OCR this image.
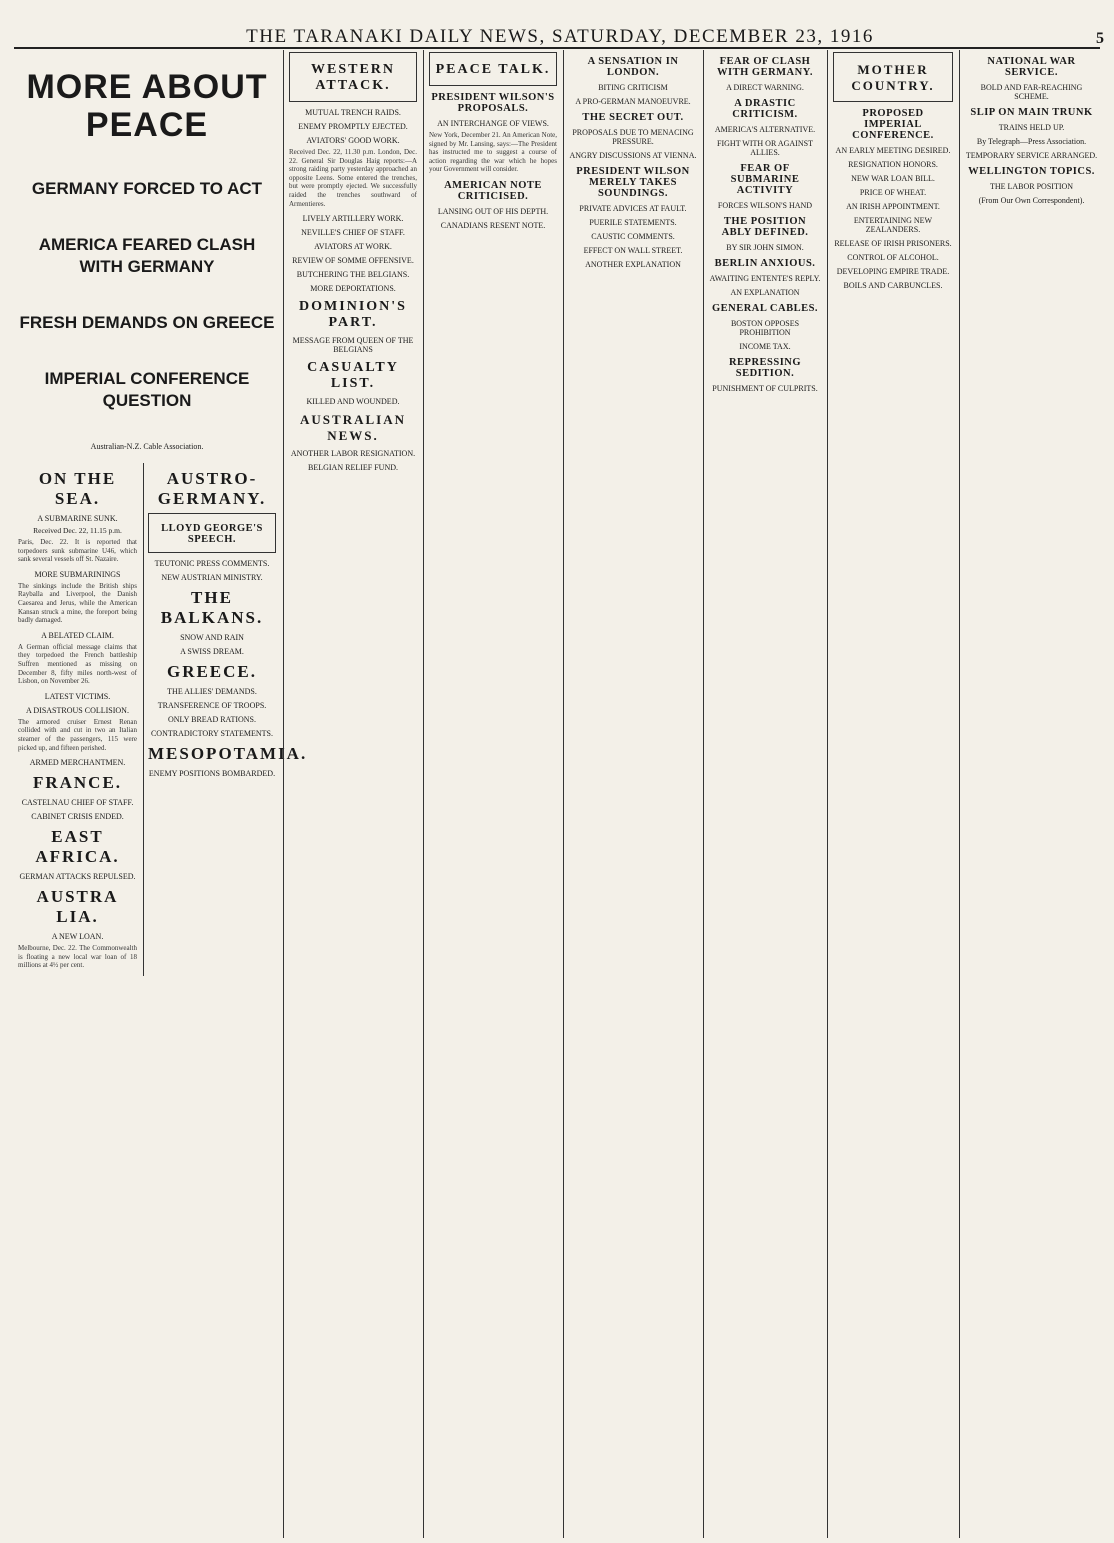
THE TARANAKI DAILY NEWS, SATURDAY, DECEMBER 23, 1916	5
MORE ABOUT PEACE
GERMANY FORCED TO ACT
AMERICA FEARED CLASH WITH GERMANY
FRESH DEMANDS ON GREECE
IMPERIAL CONFERENCE QUESTION
Australian-N.Z. Cable Association.
ON THE SEA.
A SUBMARINE SUNK.
Received Dec. 22, 11.15 p.m.
Paris, Dec. 22. It is reported that torpedoers sunk submarine U46, which sank several vessels off St. Nazaire.
MORE SUBMARININGS
The sinkings include the British ships Rayballa and Liverpool, the Danish Caesarea and Jerus, while the American Kansan struck a mine, the foreport being badly damaged.
A BELATED CLAIM.
A German official message claims that they torpedoed the French battleship Suffren mentioned as missing on December 8, fifty miles north-west of Lisbon, on November 26.
LATEST VICTIMS.
A DISASTROUS COLLISION.
The armored cruiser Ernest Renan collided with and cut in two an Italian steamer of the passengers, 115 were picked up, and fifteen perished.
ARMED MERCHANTMEN.
FRANCE.
CASTELNAU CHIEF OF STAFF.
CABINET CRISIS ENDED.
EAST AFRICA.
GERMAN ATTACKS REPULSED.
AUSTRA LIA.
A NEW LOAN.
Melbourne, Dec. 22. The Commonwealth is floating a new local war loan of 18 millions at 4½ per cent.
AUSTRO-GERMANY.
LLOYD GEORGE'S SPEECH.
TEUTONIC PRESS COMMENTS.
NEW AUSTRIAN MINISTRY.
THE BALKANS.
SNOW AND RAIN
A SWISS DREAM.
GREECE.
THE ALLIES' DEMANDS.
TRANSFERENCE OF TROOPS.
ONLY BREAD RATIONS.
CONTRADICTORY STATEMENTS.
MESOPOTAMIA.
ENEMY POSITIONS BOMBARDED.
WESTERN ATTACK.
MUTUAL TRENCH RAIDS.
ENEMY PROMPTLY EJECTED.
AVIATORS' GOOD WORK.
Received Dec. 22, 11.30 p.m. London, Dec. 22. General Sir Douglas Haig reports:—A strong raiding party yesterday approached an opposite Leens. Some entered the trenches, but were promptly ejected. We successfully raided the trenches southward of Armentieres.
LIVELY ARTILLERY WORK.
NEVILLE'S CHIEF OF STAFF.
AVIATORS AT WORK.
REVIEW OF SOMME OFFENSIVE.
BUTCHERING THE BELGIANS.
MORE DEPORTATIONS.
DOMINION'S PART.
MESSAGE FROM QUEEN OF THE BELGIANS
CASUALTY LIST.
KILLED AND WOUNDED.
AUSTRALIAN NEWS.
ANOTHER LABOR RESIGNATION.
BELGIAN RELIEF FUND.
PEACE TALK.
PRESIDENT WILSON'S PROPOSALS.
AN INTERCHANGE OF VIEWS.
New York, December 21. An American Note, signed by Mr. Lansing, says:—The President has instructed me to suggest a course of action regarding the war which he hopes your Government will consider.
AMERICAN NOTE CRITICISED.
LANSING OUT OF HIS DEPTH.
CANADIANS RESENT NOTE.
A SENSATION IN LONDON.
BITING CRITICISM
A PRO-GERMAN MANOEUVRE.
THE SECRET OUT.
PROPOSALS DUE TO MENACING PRESSURE.
ANGRY DISCUSSIONS AT VIENNA.
PRESIDENT WILSON MERELY TAKES SOUNDINGS.
PRIVATE ADVICES AT FAULT.
PUERILE STATEMENTS.
CAUSTIC COMMENTS.
EFFECT ON WALL STREET.
ANOTHER EXPLANATION
FEAR OF CLASH WITH GERMANY.
A DIRECT WARNING.
A DRASTIC CRITICISM.
AMERICA'S ALTERNATIVE.
FIGHT WITH OR AGAINST ALLIES.
FEAR OF SUBMARINE ACTIVITY
FORCES WILSON'S HAND
THE POSITION ABLY DEFINED.
BY SIR JOHN SIMON.
BERLIN ANXIOUS.
AWAITING ENTENTE'S REPLY.
AN EXPLANATION
GENERAL CABLES.
BOSTON OPPOSES PROHIBITION
INCOME TAX.
REPRESSING SEDITION.
PUNISHMENT OF CULPRITS.
MOTHER COUNTRY.
PROPOSED IMPERIAL CONFERENCE.
AN EARLY MEETING DESIRED.
RESIGNATION HONORS.
NEW WAR LOAN BILL.
PRICE OF WHEAT.
AN IRISH APPOINTMENT.
ENTERTAINING NEW ZEALANDERS.
RELEASE OF IRISH PRISONERS.
CONTROL OF ALCOHOL.
DEVELOPING EMPIRE TRADE.
BOILS AND CARBUNCLES.
NATIONAL WAR SERVICE.
BOLD AND FAR-REACHING SCHEME.
SLIP ON MAIN TRUNK
TRAINS HELD UP.
By Telegraph—Press Association.
TEMPORARY SERVICE ARRANGED.
WELLINGTON TOPICS.
THE LABOR POSITION
(From Our Own Correspondent).
